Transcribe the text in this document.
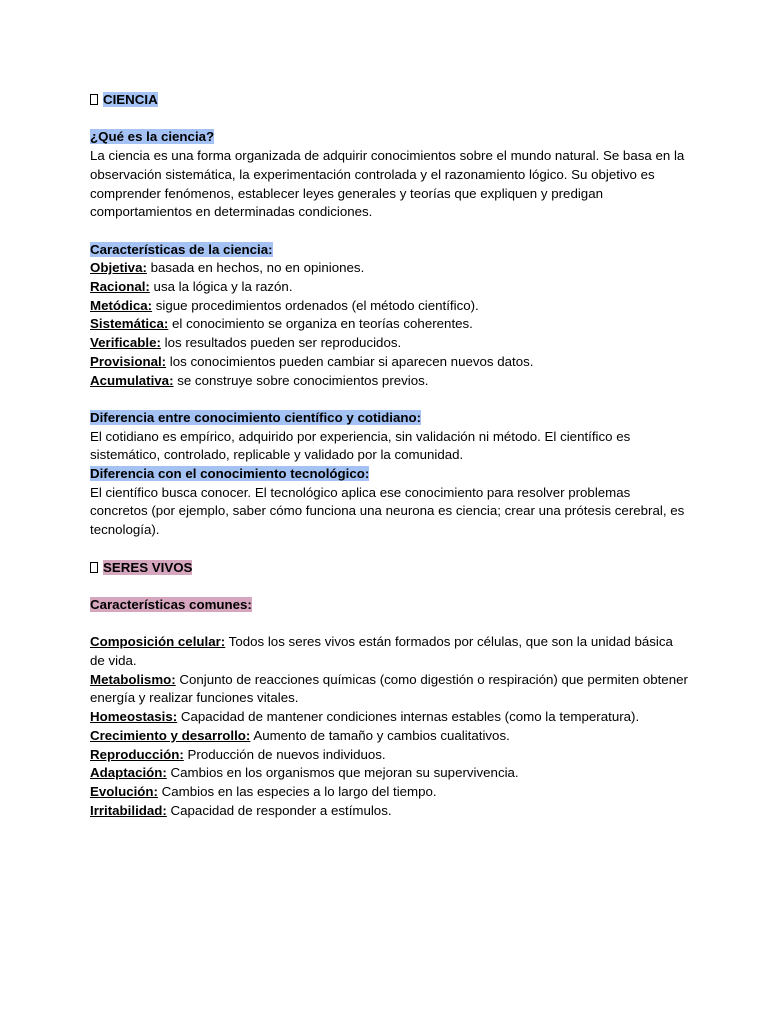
CIENCIA

¿Qué es la ciencia?

La ciencia es una forma organizada de adquirir conocimientos sobre el mundo natural. Se basa en la observación sistemática, la experimentación controlada y el razonamiento lógico. Su objetivo es comprender fenómenos, establecer leyes generales y teorías que expliquen y predigan comportamientos en determinadas condiciones.

Características de la ciencia:

Objetiva: basada en hechos, no en opiniones.

Racional: usa la lógica y la razón.

Metódica: sigue procedimientos ordenados (el método científico).

Sistemática: el conocimiento se organiza en teorías coherentes.

Verificable: los resultados pueden ser reproducidos.

Provisional: los conocimientos pueden cambiar si aparecen nuevos datos.

Acumulativa: se construye sobre conocimientos previos.

Diferencia entre conocimiento científico y cotidiano:

El cotidiano es empírico, adquirido por experiencia, sin validación ni método. El científico es sistemático, controlado, replicable y validado por la comunidad.

Diferencia con el conocimiento tecnológico:

El científico busca conocer. El tecnológico aplica ese conocimiento para resolver problemas concretos (por ejemplo, saber cómo funciona una neurona es ciencia; crear una prótesis cerebral, es tecnología).

SERES VIVOS

Características comunes:

Composición celular: Todos los seres vivos están formados por células, que son la unidad básica de vida.

Metabolismo: Conjunto de reacciones químicas (como digestión o respiración) que permiten obtener energía y realizar funciones vitales.

Homeostasis: Capacidad de mantener condiciones internas estables (como la temperatura).

Crecimiento y desarrollo: Aumento de tamaño y cambios cualitativos.

Reproducción: Producción de nuevos individuos.

Adaptación: Cambios en los organismos que mejoran su supervivencia.

Evolución: Cambios en las especies a lo largo del tiempo.

Irritabilidad: Capacidad de responder a estímulos.
